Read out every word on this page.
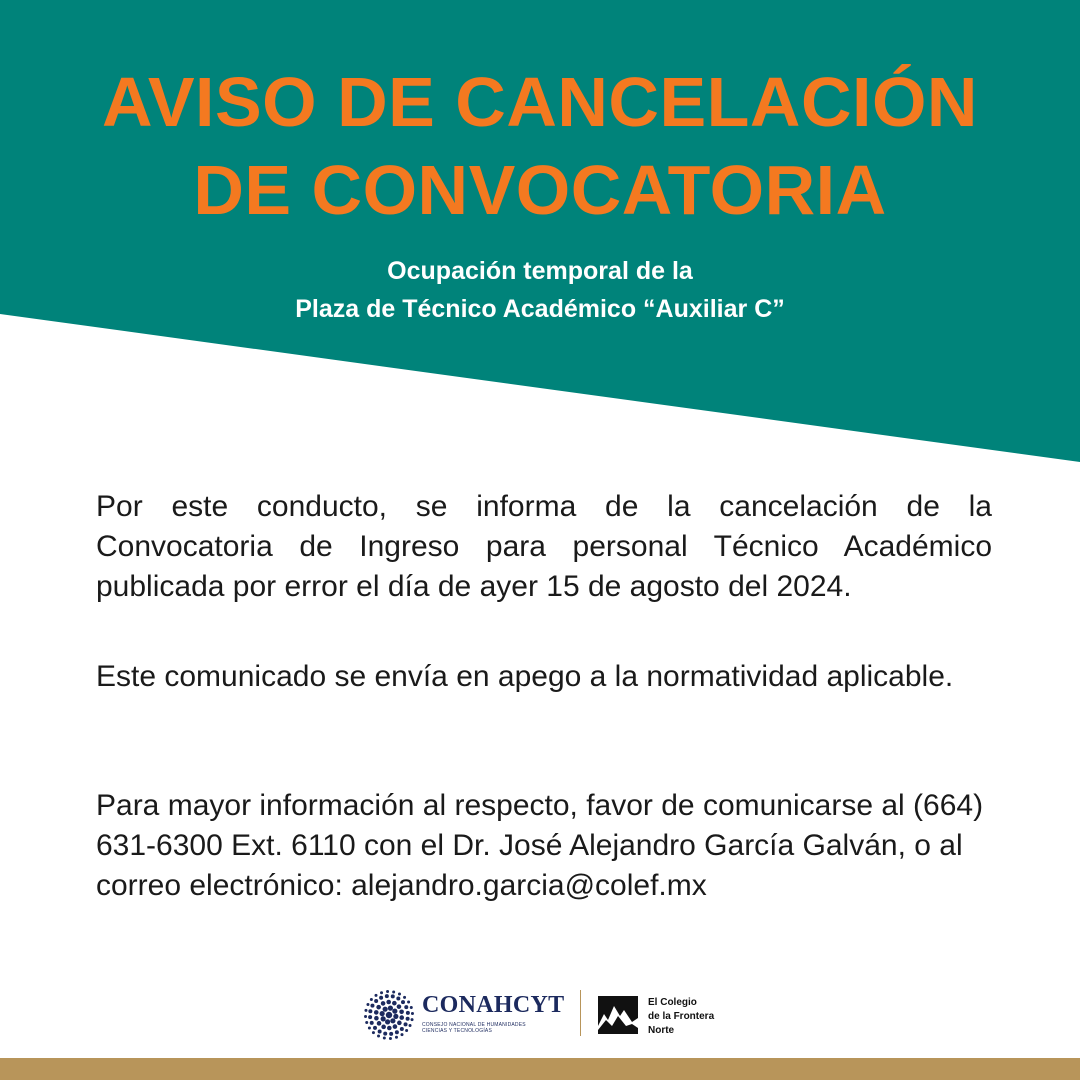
AVISO DE CANCELACIÓN
DE CONVOCATORIA
Ocupación temporal de la
Plaza de Técnico Académico “Auxiliar C”
Por este conducto, se informa de la cancelación de la Convocatoria de Ingreso para personal Técnico Académico publicada por error el día de ayer 15 de agosto del 2024.
Este comunicado se envía en apego a la normatividad aplicable.
Para mayor información al respecto, favor de comunicarse al (664) 631-6300 Ext. 6110 con el Dr. José Alejandro García Galván, o al correo electrónico: alejandro.garcia@colef.mx
CONAHCYT
CONSEJO NACIONAL DE HUMANIDADES
CIENCIAS Y TECNOLOGÍAS
El Colegio
de la Frontera
Norte
